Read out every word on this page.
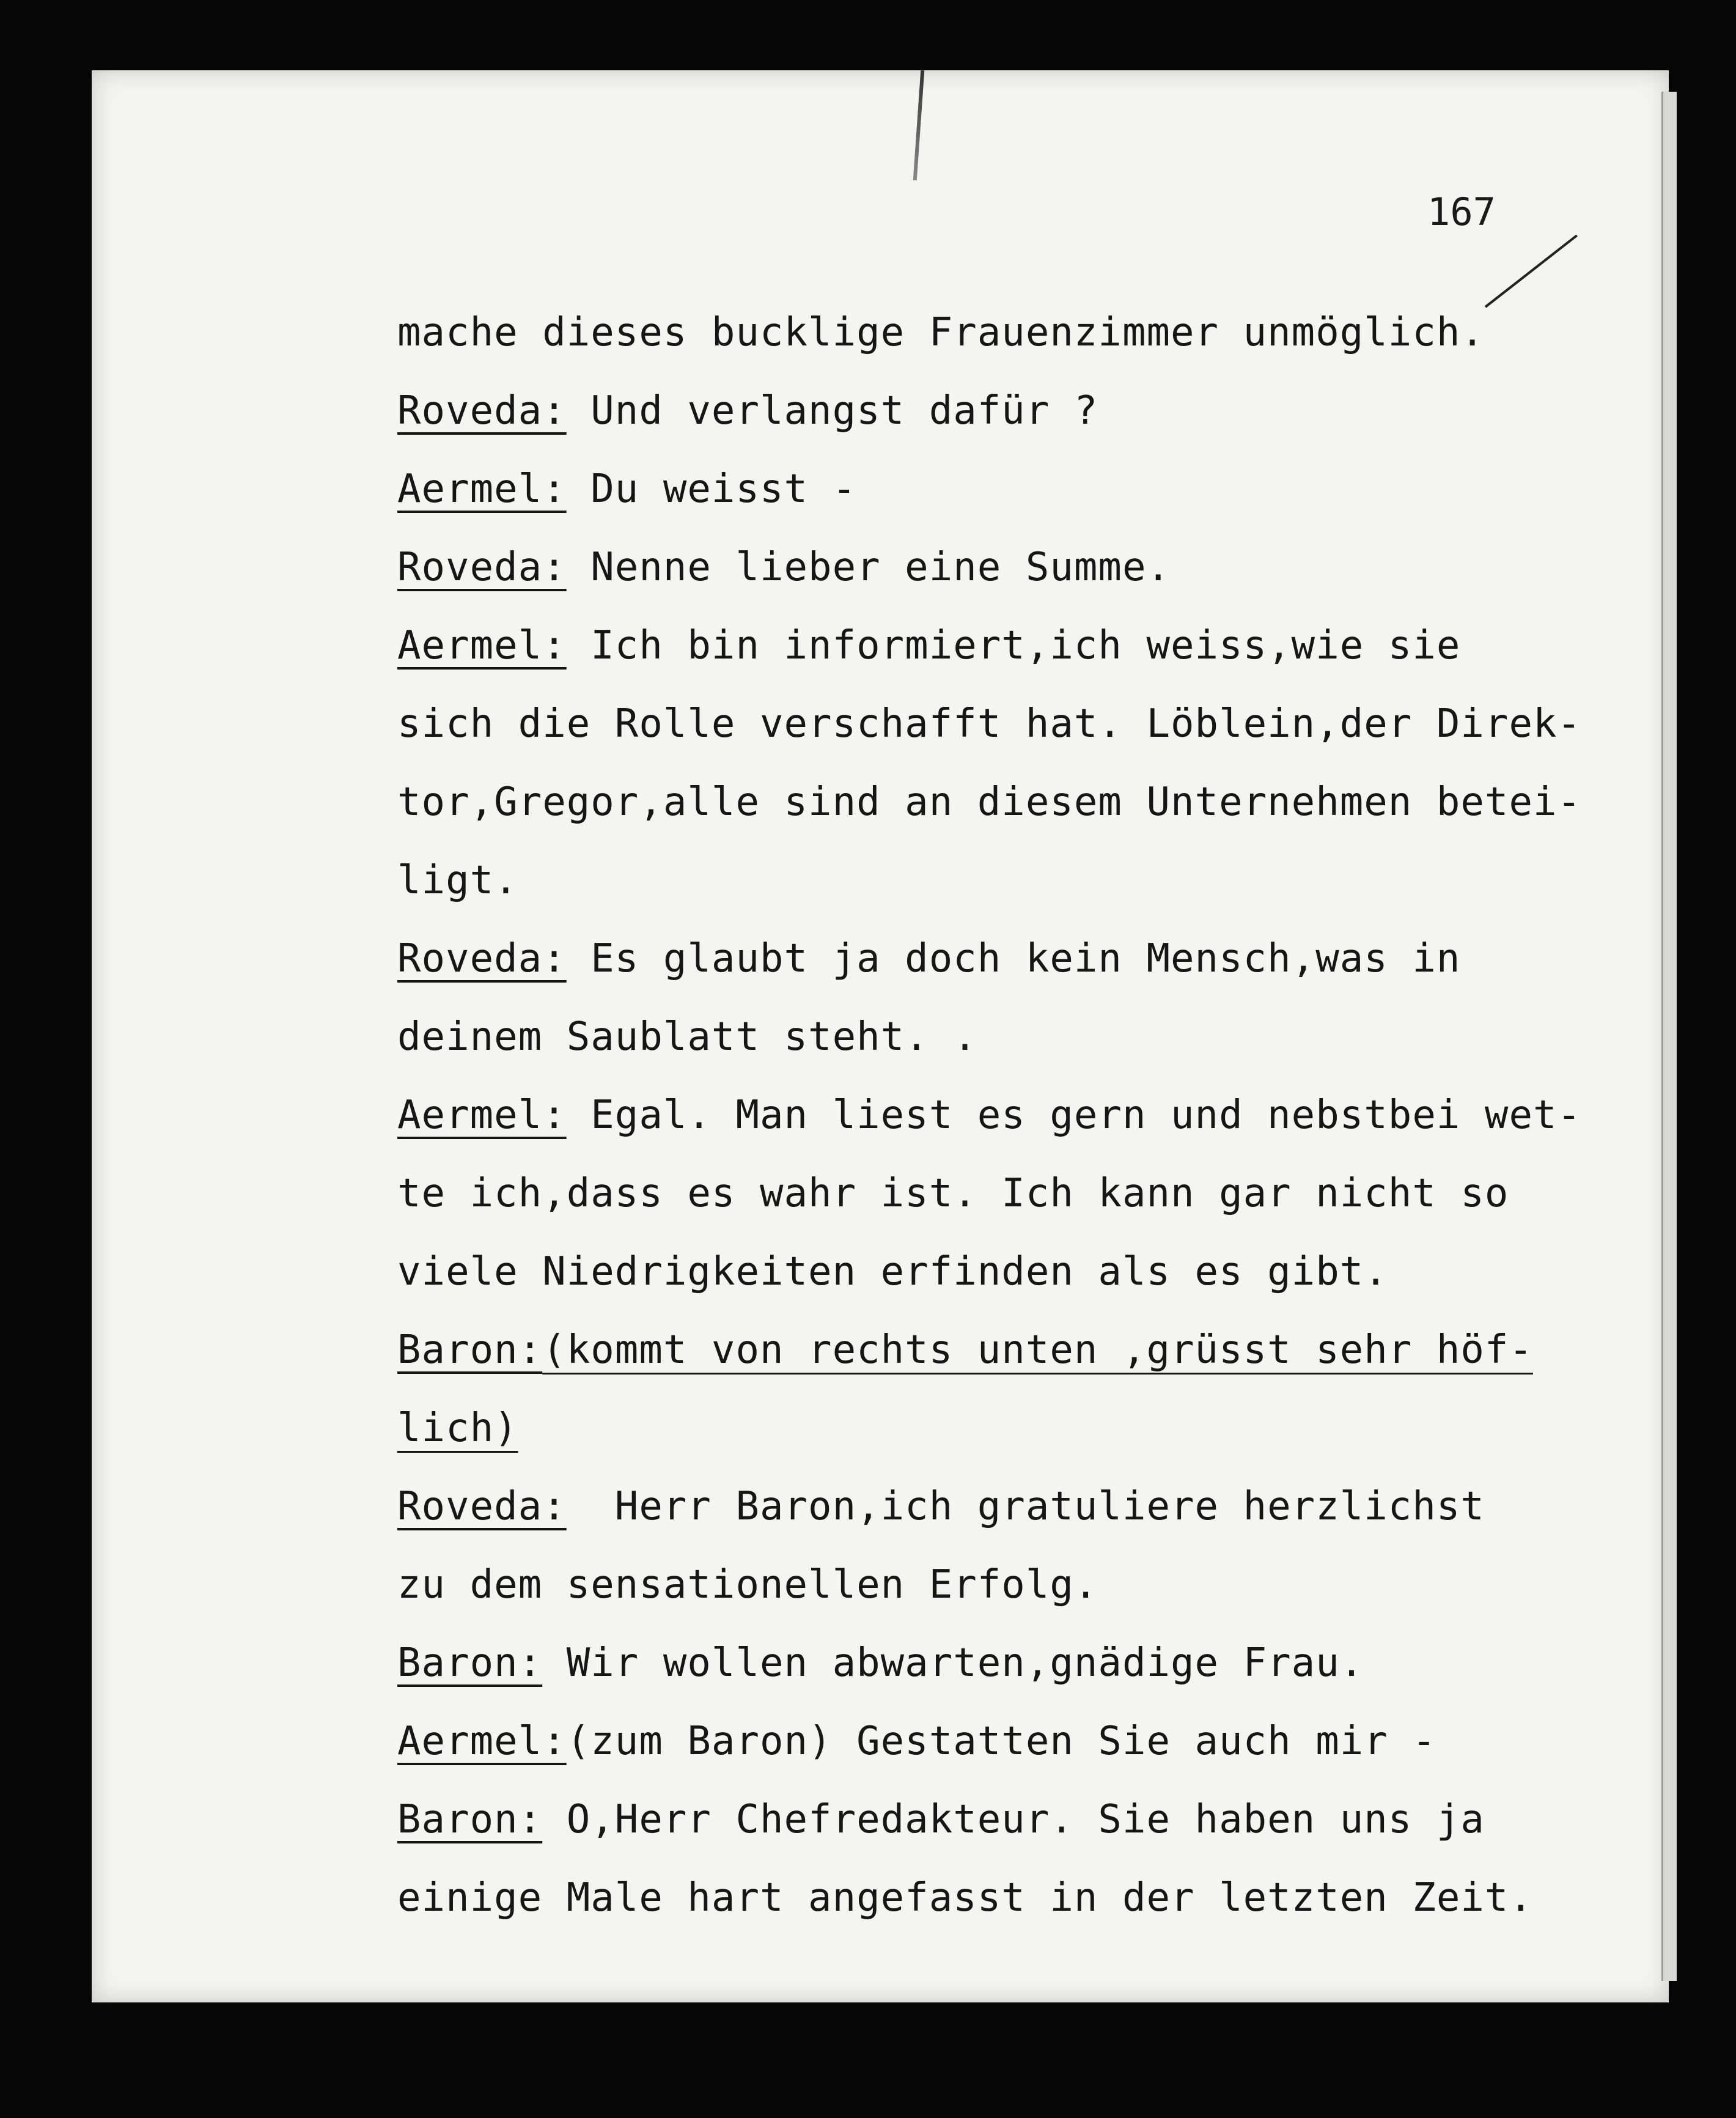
167
mache dieses bucklige Frauenzimmer unmöglich.
Roveda: Und verlangst dafür ?
Aermel: Du weisst -
Roveda: Nenne lieber eine Summe.
Aermel: Ich bin informiert,ich weiss,wie sie
sich die Rolle verschafft hat. Löblein,der Direk-
tor,Gregor,alle sind an diesem Unternehmen betei-
ligt.
Roveda: Es glaubt ja doch kein Mensch,was in
deinem Saublatt steht. .
Aermel: Egal. Man liest es gern und nebstbei wet-
te ich,dass es wahr ist. Ich kann gar nicht so
viele Niedrigkeiten erfinden als es gibt.
Baron:(kommt von rechts unten ,grüsst sehr höf-
lich)
Roveda:  Herr Baron,ich gratuliere herzlichst
zu dem sensationellen Erfolg.
Baron: Wir wollen abwarten,gnädige Frau.
Aermel:(zum Baron) Gestatten Sie auch mir -
Baron: O,Herr Chefredakteur. Sie haben uns ja
einige Male hart angefasst in der letzten Zeit.
